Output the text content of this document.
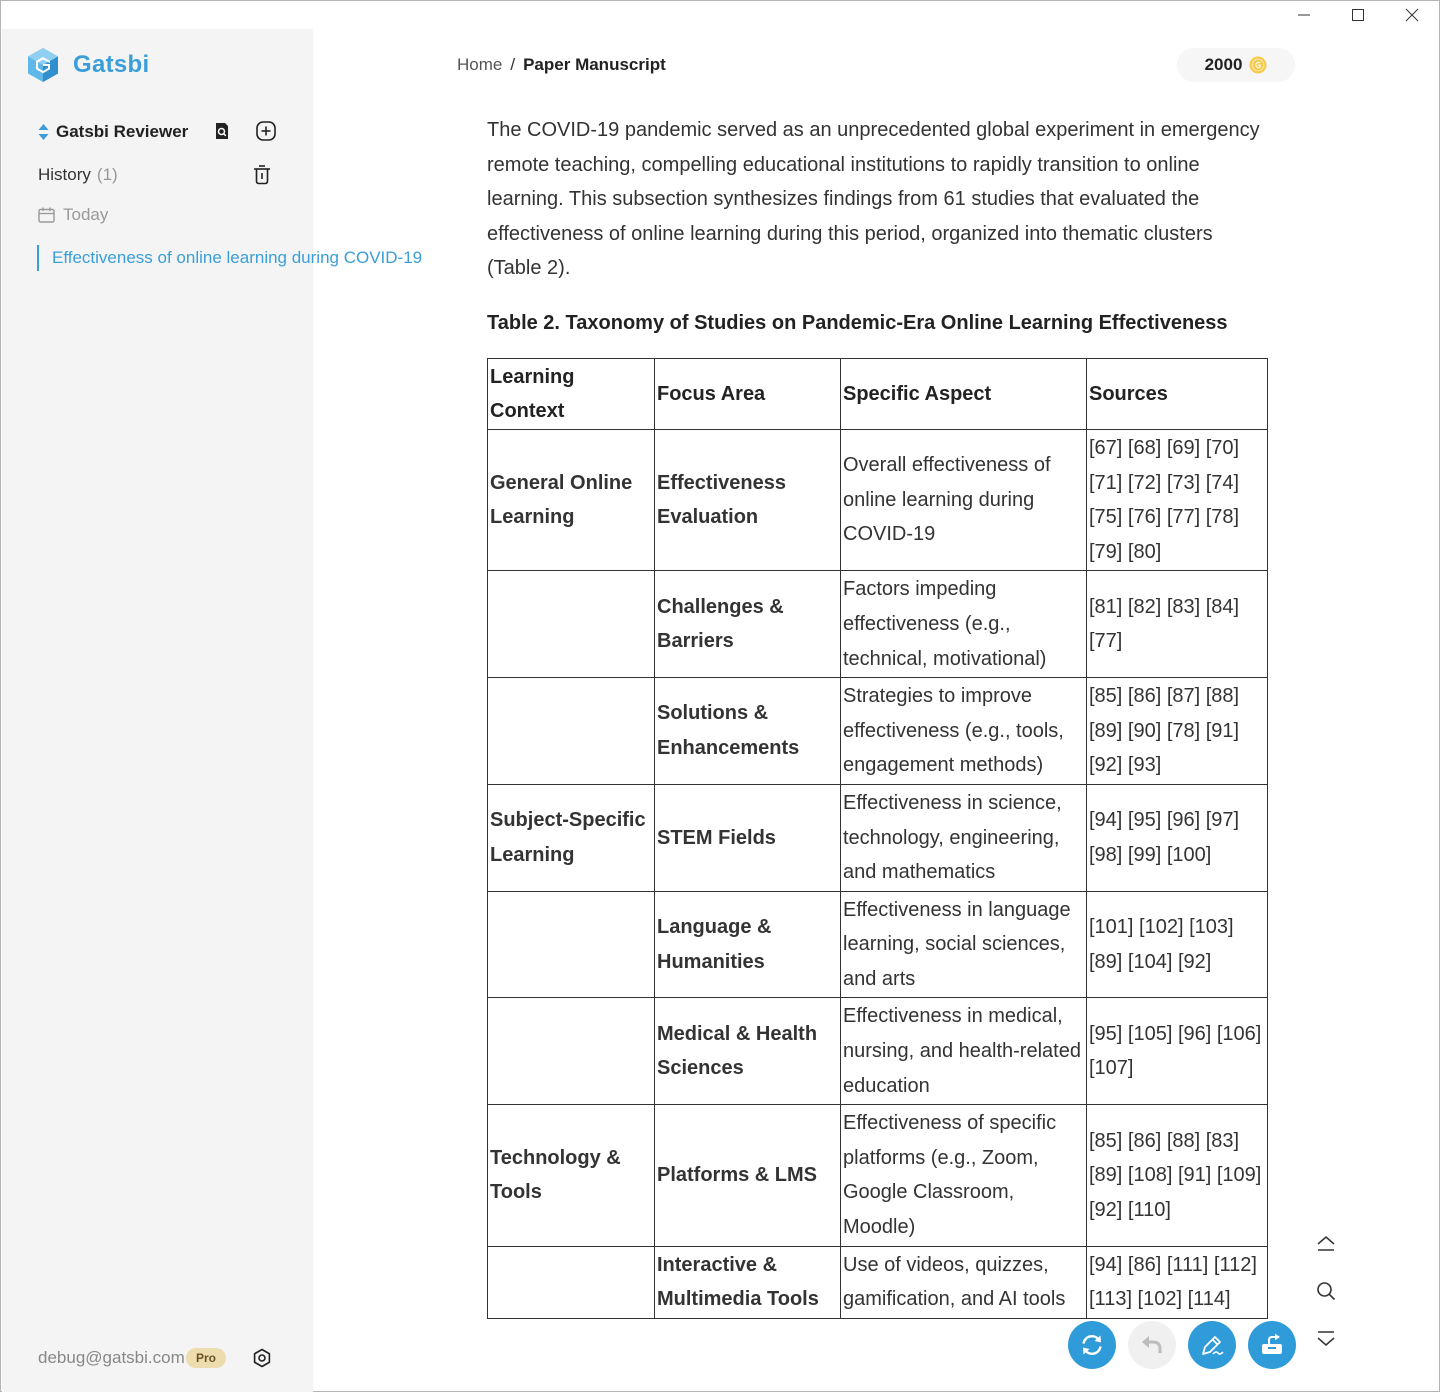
Gatsbi
Gatsbi Reviewer
History (1)
Today
Effectiveness of online learning during COVID-19
debug@gatsbi.com Pro
Home / Paper Manuscript	2000

The COVID-19 pandemic served as an unprecedented global experiment in emergency remote teaching, compelling educational institutions to rapidly transition to online learning. This subsection synthesizes findings from 61 studies that evaluated the effectiveness of online learning during this period, organized into thematic clusters (Table 2).

Table 2. Taxonomy of Studies on Pandemic-Era Online Learning Effectiveness
Learning Context	Focus Area	Specific Aspect	Sources
General Online Learning	Effectiveness Evaluation	Overall effectiveness of online learning during COVID-19	[67] [68] [69] [70] [71] [72] [73] [74] [75] [76] [77] [78] [79] [80]
	Challenges & Barriers	Factors impeding effectiveness (e.g., technical, motivational)	[81] [82] [83] [84] [77]
	Solutions & Enhancements	Strategies to improve effectiveness (e.g., tools, engagement methods)	[85] [86] [87] [88] [89] [90] [78] [91] [92] [93]
Subject-Specific Learning	STEM Fields	Effectiveness in science, technology, engineering, and mathematics	[94] [95] [96] [97] [98] [99] [100]
	Language & Humanities	Effectiveness in language learning, social sciences, and arts	[101] [102] [103] [89] [104] [92]
	Medical & Health Sciences	Effectiveness in medical, nursing, and health-related education	[95] [105] [96] [106] [107]
Technology & Tools	Platforms & LMS	Effectiveness of specific platforms (e.g., Zoom, Google Classroom, Moodle)	[85] [86] [88] [83] [89] [108] [91] [109] [92] [110]
	Interactive & Multimedia Tools	Use of videos, quizzes, gamification, and AI tools	[94] [86] [111] [112] [113] [102] [114]
